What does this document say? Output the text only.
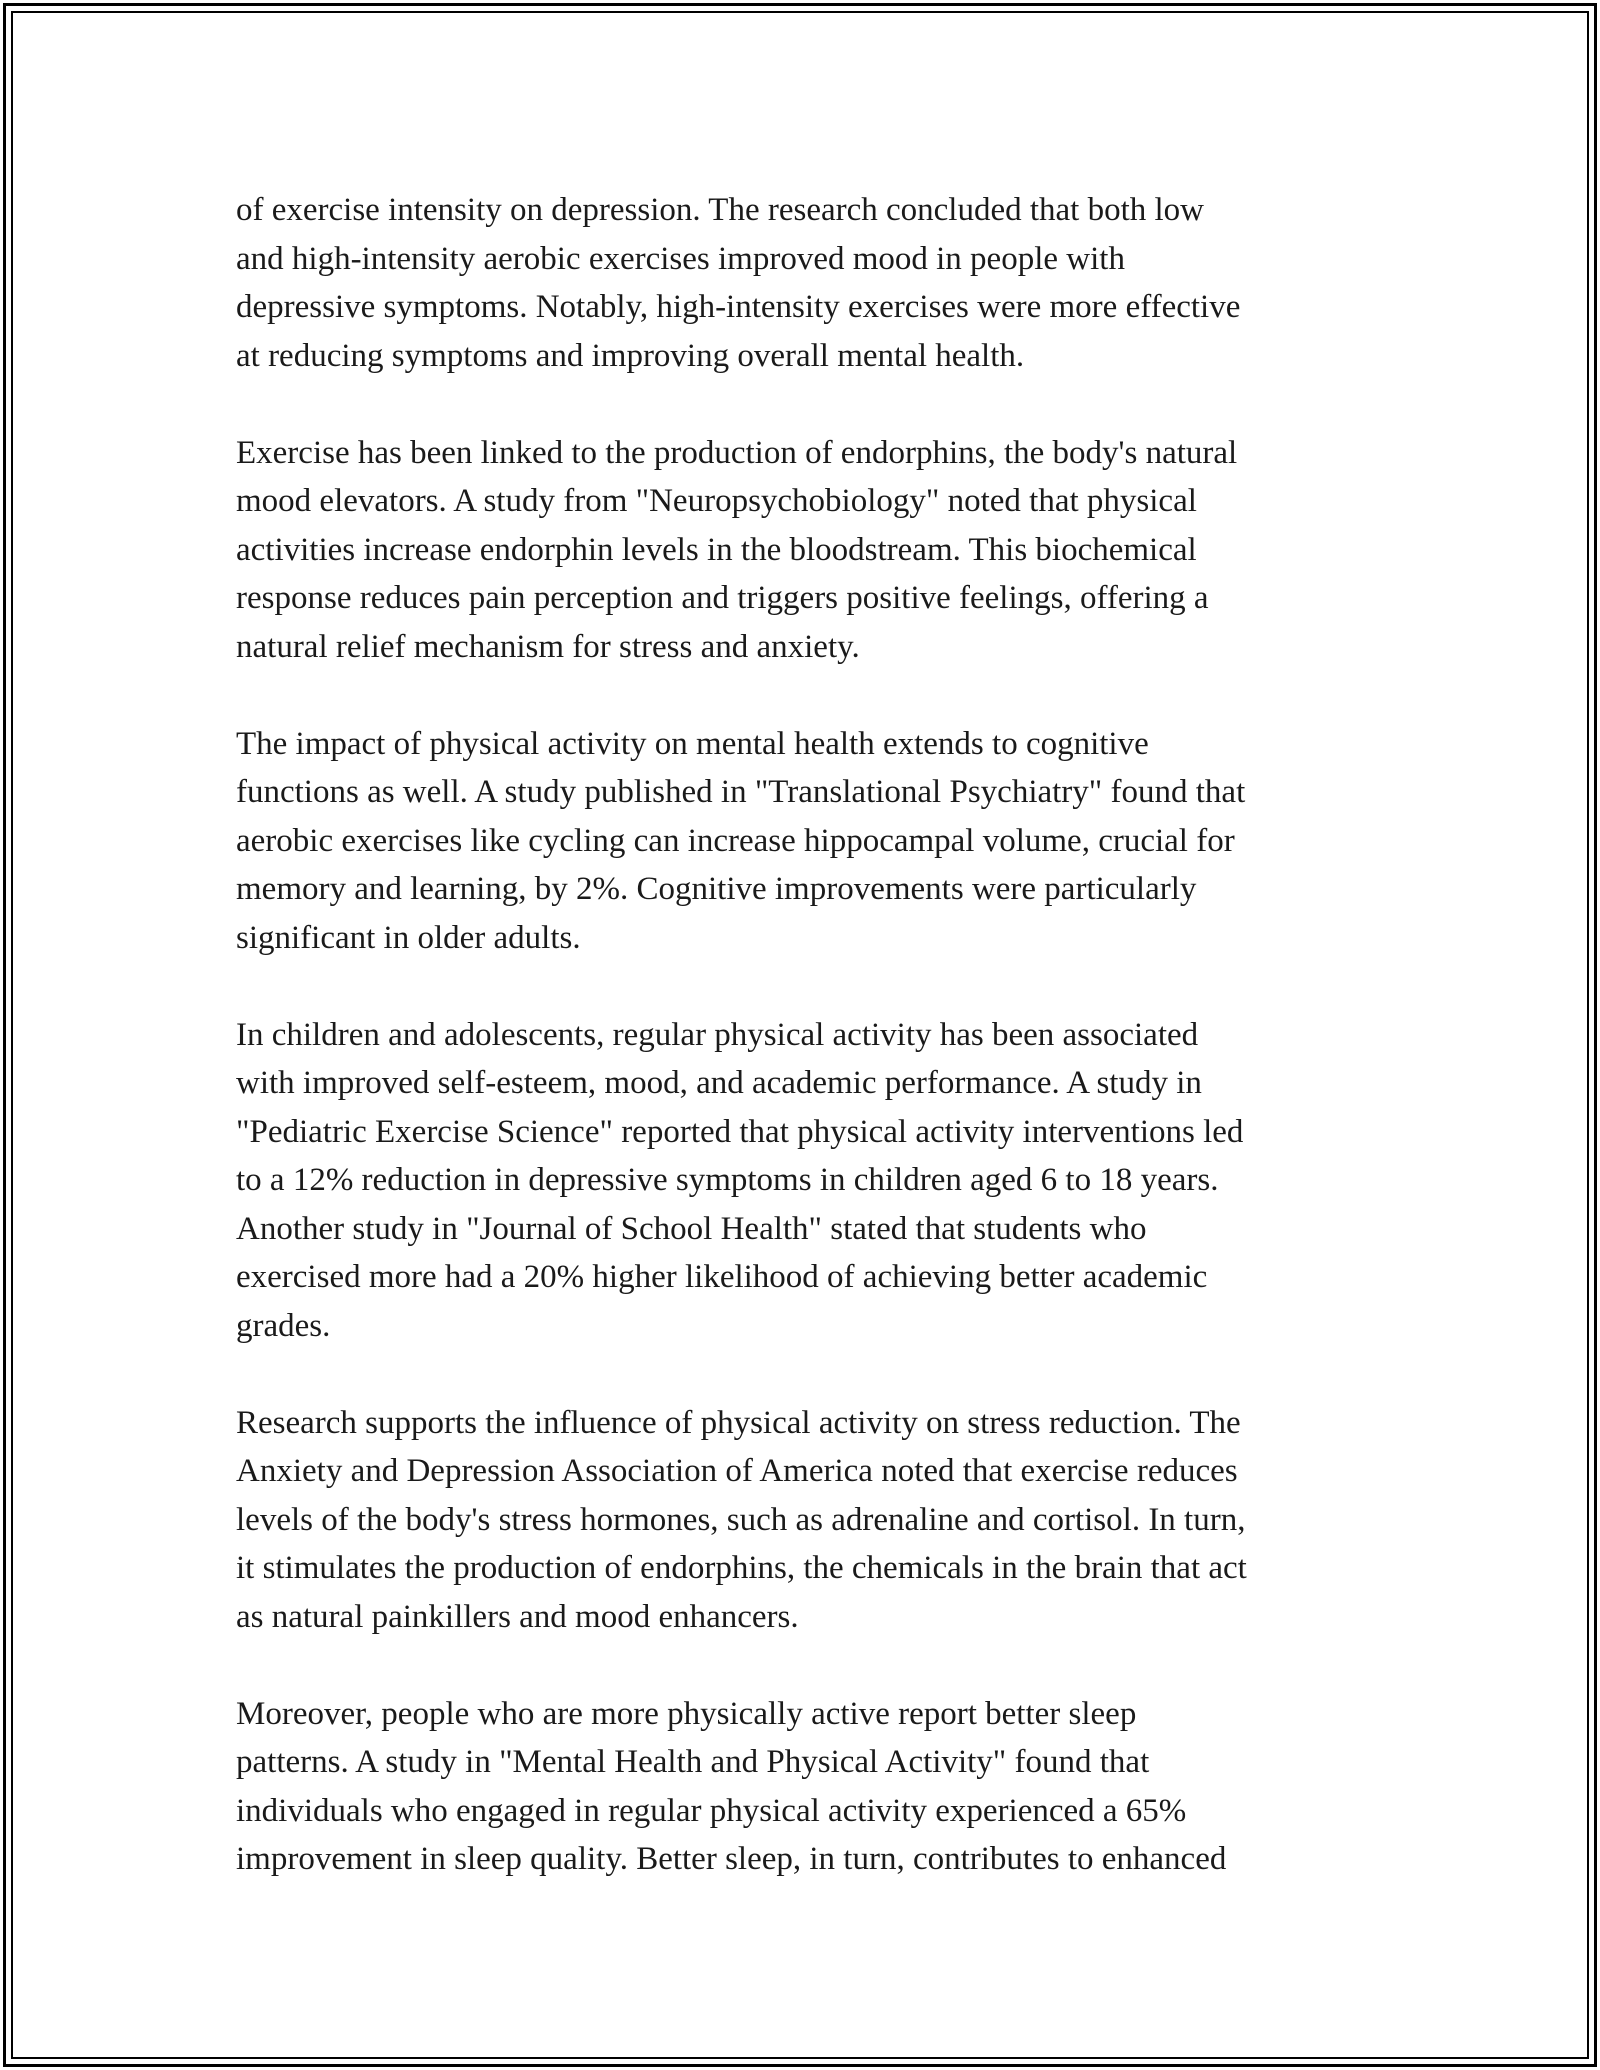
of exercise intensity on depression. The research concluded that both low
and high-intensity aerobic exercises improved mood in people with
depressive symptoms. Notably, high-intensity exercises were more effective
at reducing symptoms and improving overall mental health.

Exercise has been linked to the production of endorphins, the body's natural
mood elevators. A study from "Neuropsychobiology" noted that physical
activities increase endorphin levels in the bloodstream. This biochemical
response reduces pain perception and triggers positive feelings, offering a
natural relief mechanism for stress and anxiety.

The impact of physical activity on mental health extends to cognitive
functions as well. A study published in "Translational Psychiatry" found that
aerobic exercises like cycling can increase hippocampal volume, crucial for
memory and learning, by 2%. Cognitive improvements were particularly
significant in older adults.

In children and adolescents, regular physical activity has been associated
with improved self-esteem, mood, and academic performance. A study in
"Pediatric Exercise Science" reported that physical activity interventions led
to a 12% reduction in depressive symptoms in children aged 6 to 18 years.
Another study in "Journal of School Health" stated that students who
exercised more had a 20% higher likelihood of achieving better academic
grades.

Research supports the influence of physical activity on stress reduction. The
Anxiety and Depression Association of America noted that exercise reduces
levels of the body's stress hormones, such as adrenaline and cortisol. In turn,
it stimulates the production of endorphins, the chemicals in the brain that act
as natural painkillers and mood enhancers.

Moreover, people who are more physically active report better sleep
patterns. A study in "Mental Health and Physical Activity" found that
individuals who engaged in regular physical activity experienced a 65%
improvement in sleep quality. Better sleep, in turn, contributes to enhanced
